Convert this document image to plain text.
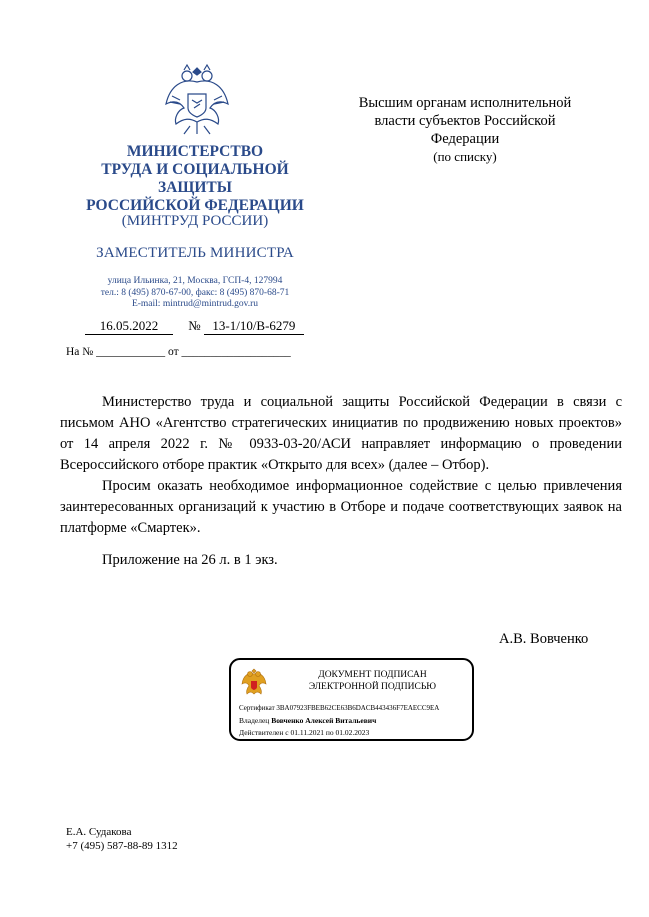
МИНИСТЕРСТВО
ТРУДА И СОЦИАЛЬНОЙ
ЗАЩИТЫ
РОССИЙСКОЙ ФЕДЕРАЦИИ
(МИНТРУД РОССИИ)
ЗАМЕСТИТЕЛЬ МИНИСТРА
улица Ильинка, 21, Москва, ГСП-4, 127994
тел.: 8 (495) 870-67-00, факс: 8 (495) 870-68-71
E-mail: mintrud@mintrud.gov.ru
16.05.2022 № 13-1/10/В-6279
На № ____________ от ___________________
Высшим органам исполнительной
власти субъектов Российской
Федерации
(по списку)

Министерство труда и социальной защиты Российской Федерации в связи с письмом АНО «Агентство стратегических инициатив по продвижению новых проектов» от 14 апреля 2022 г. № 0933-03-20/АСИ направляет информацию о проведении Всероссийского отборе практик «Открыто для всех» (далее – Отбор).

Просим оказать необходимое информационное содействие с целью привлечения заинтересованных организаций к участию в Отборе и подаче соответствующих заявок на платформе «Смартек».

Приложение на 26 л. в 1 экз.
А.В. Вовченко
ДОКУМЕНТ ПОДПИСАН
ЭЛЕКТРОННОЙ ПОДПИСЬЮ
Сертификат 3BA07923FBEB62CE63B6DACB443436F7EAECC9EA
Владелец Вовченко Алексей Витальевич
Действителен с 01.11.2021 по 01.02.2023
Е.А. Судакова
+7 (495) 587-88-89 1312
